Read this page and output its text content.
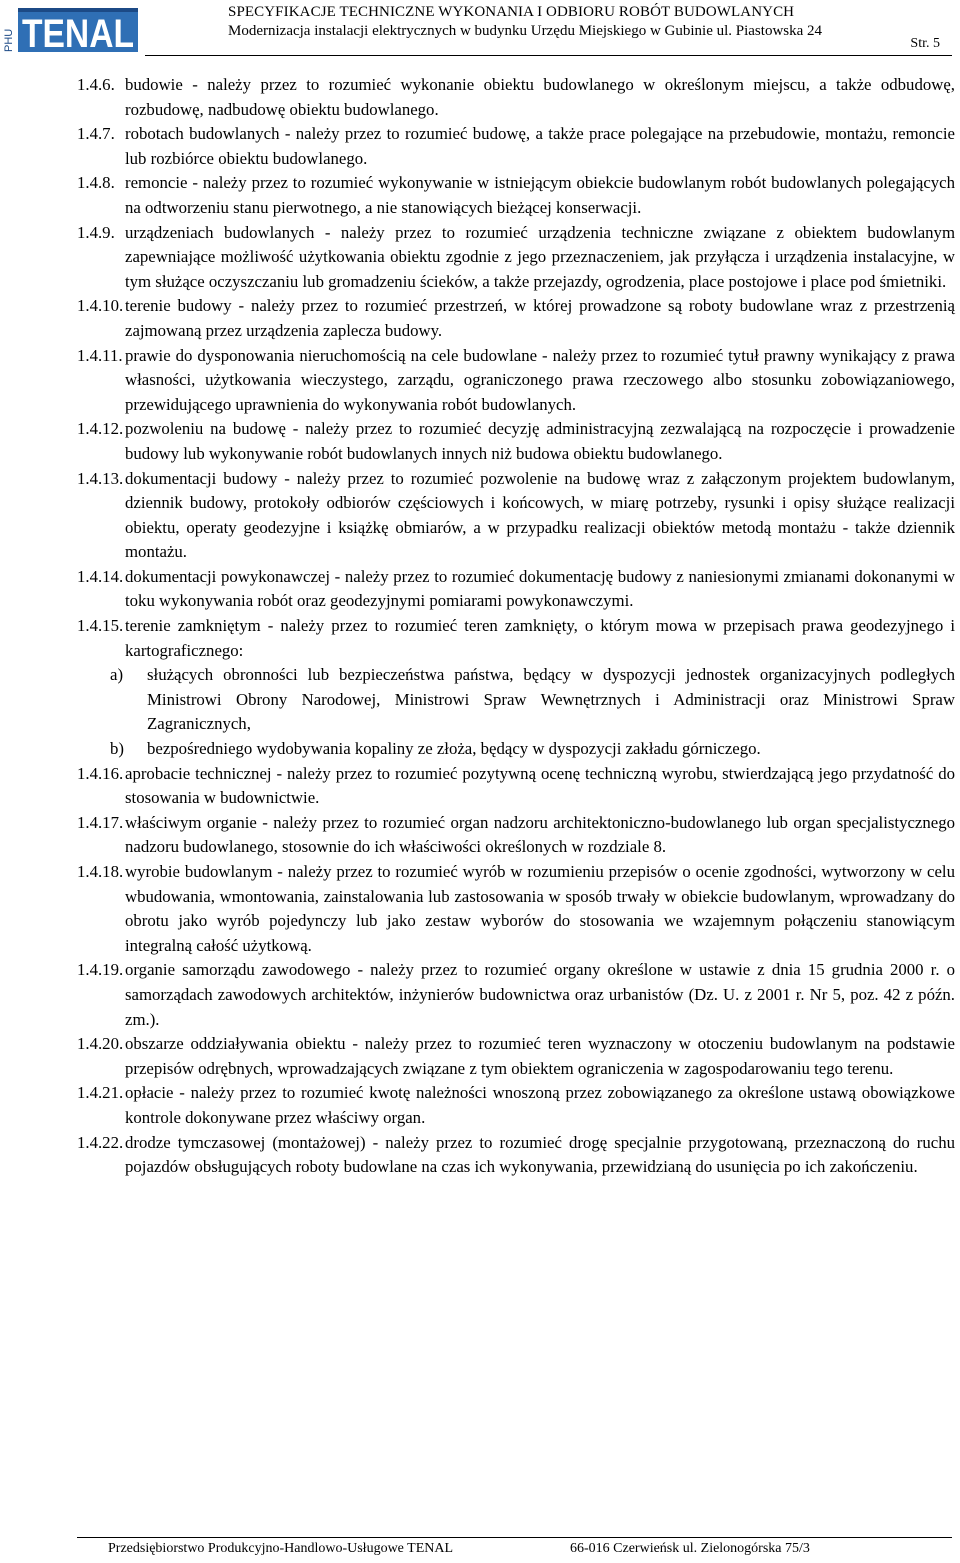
PHU TENAL	SPECYFIKACJE TECHNICZNE WYKONANIA I ODBIORU ROBÓT BUDOWLANYCH
Modernizacja instalacji elektrycznych w budynku Urzędu Miejskiego w Gubinie ul. Piastowska 24
Str. 5
1.4.6. budowie - należy przez to rozumieć wykonanie obiektu budowlanego w określonym miejscu, a także odbudowę, rozbudowę, nadbudowę obiektu budowlanego.
1.4.7. robotach budowlanych - należy przez to rozumieć budowę, a także prace polegające na przebudowie, montażu, remoncie lub rozbiórce obiektu budowlanego.
1.4.8. remoncie - należy przez to rozumieć wykonywanie w istniejącym obiekcie budowlanym robót budowlanych polegających na odtworzeniu stanu pierwotnego, a nie stanowiących bieżącej konserwacji.
1.4.9. urządzeniach budowlanych - należy przez to rozumieć urządzenia techniczne związane z obiektem budowlanym zapewniające możliwość użytkowania obiektu zgodnie z jego przeznaczeniem, jak przyłącza i urządzenia instalacyjne, w tym służące oczyszczaniu lub gromadzeniu ścieków, a także przejazdy, ogrodzenia, place postojowe i place pod śmietniki.
1.4.10. terenie budowy - należy przez to rozumieć przestrzeń, w której prowadzone są roboty budowlane wraz z przestrzenią zajmowaną przez urządzenia zaplecza budowy.
1.4.11. prawie do dysponowania nieruchomością na cele budowlane - należy przez to rozumieć tytuł prawny wynikający z prawa własności, użytkowania wieczystego, zarządu, ograniczonego prawa rzeczowego albo stosunku zobowiązaniowego, przewidującego uprawnienia do wykonywania robót budowlanych.
1.4.12. pozwoleniu na budowę - należy przez to rozumieć decyzję administracyjną zezwalającą na rozpoczęcie i prowadzenie budowy lub wykonywanie robót budowlanych innych niż budowa obiektu budowlanego.
1.4.13. dokumentacji budowy - należy przez to rozumieć pozwolenie na budowę wraz z załączonym projektem budowlanym, dziennik budowy, protokoły odbiorów częściowych i końcowych, w miarę potrzeby, rysunki i opisy służące realizacji obiektu, operaty geodezyjne i książkę obmiarów, a w przypadku realizacji obiektów metodą montażu - także dziennik montażu.
1.4.14. dokumentacji powykonawczej - należy przez to rozumieć dokumentację budowy z naniesionymi zmianami dokonanymi w toku wykonywania robót oraz geodezyjnymi pomiarami powykonawczymi.
1.4.15. terenie zamkniętym - należy przez to rozumieć teren zamknięty, o którym mowa w przepisach prawa geodezyjnego i kartograficznego:
a) służących obronności lub bezpieczeństwa państwa, będący w dyspozycji jednostek organizacyjnych podległych Ministrowi Obrony Narodowej, Ministrowi Spraw Wewnętrznych i Administracji oraz Ministrowi Spraw Zagranicznych,
b) bezpośredniego wydobywania kopaliny ze złoża, będący w dyspozycji zakładu górniczego.
1.4.16. aprobacie technicznej - należy przez to rozumieć pozytywną ocenę techniczną wyrobu, stwierdzającą jego przydatność do stosowania w budownictwie.
1.4.17. właściwym organie - należy przez to rozumieć organ nadzoru architektoniczno-budowlanego lub organ specjalistycznego nadzoru budowlanego, stosownie do ich właściwości określonych w rozdziale 8.
1.4.18. wyrobie budowlanym - należy przez to rozumieć wyrób w rozumieniu przepisów o ocenie zgodności, wytworzony w celu wbudowania, wmontowania, zainstalowania lub zastosowania w sposób trwały w obiekcie budowlanym, wprowadzany do obrotu jako wyrób pojedynczy lub jako zestaw wyborów do stosowania we wzajemnym połączeniu stanowiącym integralną całość użytkową.
1.4.19. organie samorządu zawodowego - należy przez to rozumieć organy określone w ustawie z dnia 15 grudnia 2000 r. o samorządach zawodowych architektów, inżynierów budownictwa oraz urbanistów (Dz. U. z 2001 r. Nr 5, poz. 42 z późn. zm.).
1.4.20. obszarze oddziaływania obiektu - należy przez to rozumieć teren wyznaczony w otoczeniu budowlanym na podstawie przepisów odrębnych, wprowadzających związane z tym obiektem ograniczenia w zagospodarowaniu tego terenu.
1.4.21. opłacie - należy przez to rozumieć kwotę należności wnoszoną przez zobowiązanego za określone ustawą obowiązkowe kontrole dokonywane przez właściwy organ.
1.4.22. drodze tymczasowej (montażowej) - należy przez to rozumieć drogę specjalnie przygotowaną, przeznaczoną do ruchu pojazdów obsługujących roboty budowlane na czas ich wykonywania, przewidzianą do usunięcia po ich zakończeniu.
Przedsiębiorstwo Produkcyjno-Handlowo-Usługowe TENAL	66-016 Czerwieńsk ul. Zielonogórska 75/3
